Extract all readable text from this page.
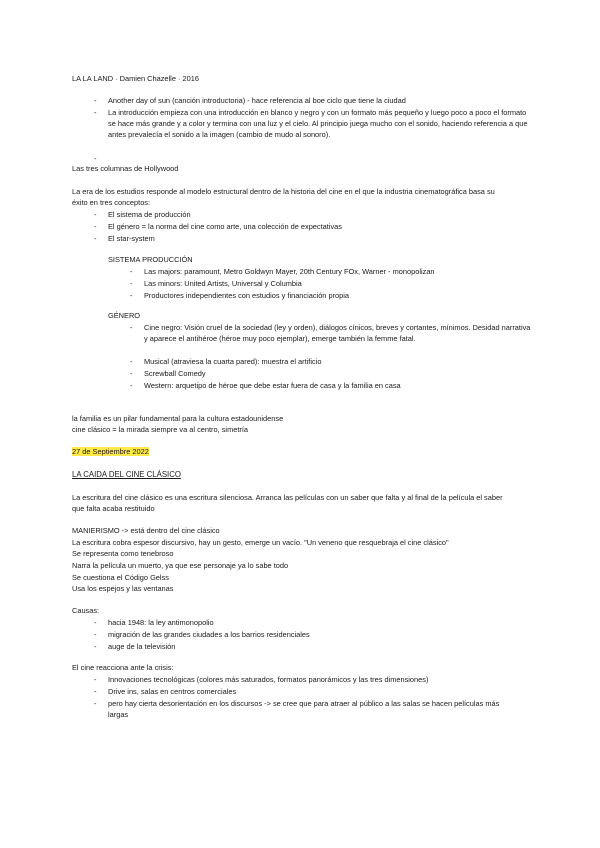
LA LA LAND · Damien Chazelle · 2016
- Another day of sun (canción introductoria) - hace referencia al boe ciclo que tiene la ciudad
- La introducción empieza con una introducción en blanco y negro y con un formato más pequeño y luego poco a poco el formato se hace más grande y a color y termina con una luz y el cielo. Al principio juega mucho con el sonido, haciendo referencia a que antes prevalecía el sonido a la imagen (cambio de mudo al sonoro).
-
Las tres columnas de Hollywood
La era de los estudios responde al modelo estructural dentro de la historia del cine en el que la industria cinematográfica basa su éxito en tres conceptos:
- El sistema de producción
- El género = la norma del cine como arte, una colección de expectativas
- El star-system
SISTEMA PRODUCCIÓN
- Las majors: paramount, Metro Goldwyn Mayer, 20th Century FOx, Warner - monopolizan
- Las minors: United Artists, Universal y Columbia
- Productores independientes con estudios y financiación propia
GÉNERO
- Cine negro: Visión cruel de la sociedad (ley y orden), diálogos cínicos, breves y cortantes, mínimos. Desidad narrativa y aparece el antihéroe (héroe muy poco ejemplar), emerge también la femme fatal.
- Musical (atraviesa la cuarta pared): muestra el artificio
- Screwball Comedy
- Western: arquetipo de héroe que debe estar fuera de casa y la familia en casa
la familia es un pilar fundamental para la cultura estadounidense
cine clásico = la mirada siempre va al centro, simetría
27 de Septiembre 2022
LA CAIDA DEL CINE CLÁSICO
La escritura del cine clásico es una escritura silenciosa. Arranca las películas con un saber que falta y al final de la película el saber que falta acaba restituido
MANIERISMO -> está dentro del cine clásico
La escritura cobra espesor discursivo, hay un gesto, emerge un vacío. "Un veneno que resquebraja el cine clásico"
Se representa como tenebroso
Narra la película un muerto, ya que ese personaje ya lo sabe todo
Se cuestiona el Código Gelss
Usa los espejos y las ventanas
Causas:
- hacia 1948: la ley antimonopolio
- migración de las grandes ciudades a los barrios residenciales
- auge de la televisión
El cine reacciona ante la crisis:
- Innovaciones tecnológicas (colores más saturados, formatos panorámicos y las tres dimensiones)
- Drive ins, salas en centros comerciales
- pero hay cierta desorientación en los discursos -> se cree que para atraer al público a las salas se hacen películas más largas
